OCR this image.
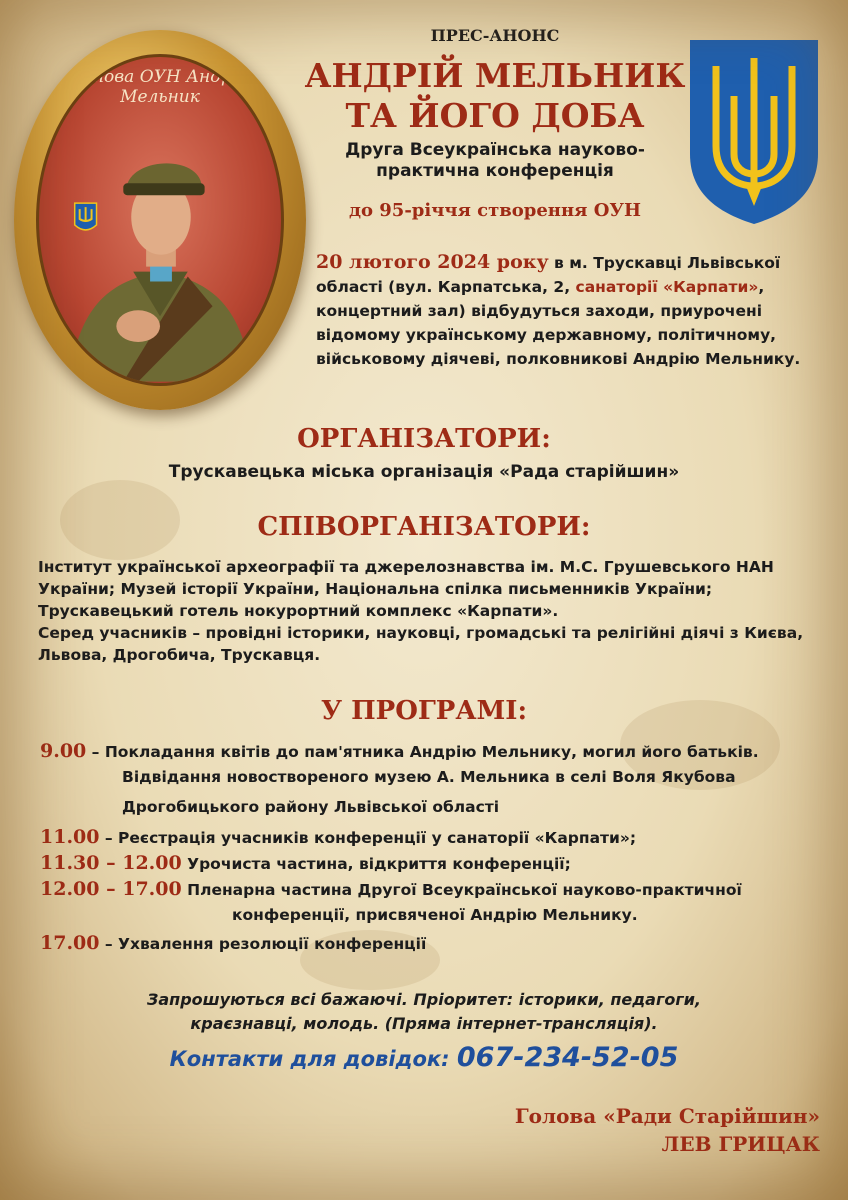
Голова ОУН Андрій Мельник
ПРЕС-АНОНС
АНДРІЙ МЕЛЬНИК
ТА ЙОГО ДОБА
Друга Всеукраїнська науково-
практична конференція
до 95-річчя створення ОУН
20 лютого 2024 року в м. Трускавці Львівської області (вул. Карпатська, 2, санаторії «Карпати», концертний зал) відбудуться заходи, приурочені відомому українському державному, політичному, військовому діячеві, полковникові Андрію Мельнику.
ОРГАНІЗАТОРИ:
Трускавецька міська організація «Рада старійшин»
СПІВОРГАНІЗАТОРИ:
Інститут української археографії та джерелознавства ім. М.С. Грушевського НАН України; Музей історії України, Національна спілка письменників України; Трускавецький готель нокурортний комплекс «Карпати».
Серед учасників – провідні історики, науковці, громадські та релігійні діячі з Києва, Львова, Дрогобича, Трускавця.
У ПРОГРАМІ:
9.00 – Покладання квітів до пам'ятника Андрію Мельнику, могил його батьків.
Відвідання новоствореного музею А. Мельника в селі Воля Якубова
Дрогобицького району Львівської області
11.00 – Реєстрація учасників конференції у санаторії «Карпати»;
11.30 – 12.00 Урочиста частина, відкриття конференції;
12.00 – 17.00 Пленарна частина Другої Всеукраїнської науково-практичної
конференції, присвяченої Андрію Мельнику.
17.00 – Ухвалення резолюції конференції
Запрошуються всі бажаючі. Пріоритет: історики, педагоги,
краєзнавці, молодь. (Пряма інтернет-трансляція).
Контакти для довідок: 067-234-52-05
Голова «Ради Старійшин»
ЛЕВ ГРИЦАК
